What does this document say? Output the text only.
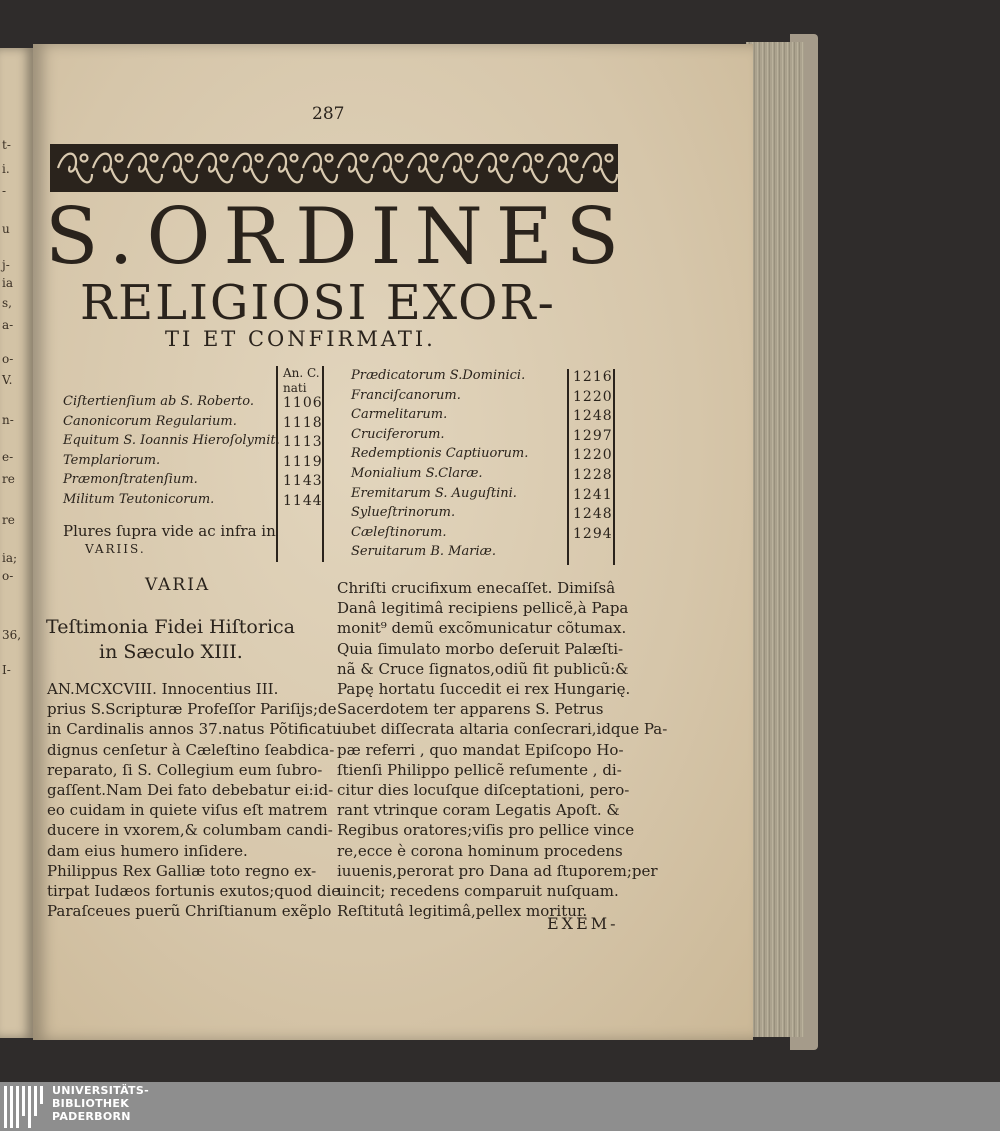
t-
i.
-
u
j-
ia
s,
a-
o-
V.
n-
e-
re
re
ia;
o-
36,
I-
287
S.ORDINES
RELIGIOSI EXOR-
TI ET CONFIRMATI.
An. C.
nati
Ciſtertienſium ab S. Roberto. 1106
Canonicorum Regularium.	1118
Equitum S. Ioannis Hieroſolymit. 1113
Templariorum.	1119
Præmonſtratenſium.	1143
Militum Teutonicorum.	1144
Plures ſupra vide ac infra in
VARIIS.
Prædicatorum S.Dominici.	1216
Franciſcanorum.	1220
Carmelitarum.	1248
Cruciferorum.	1297
Redemptionis Captiuorum.	1220
Monialium S.Claræ.	1228
Eremitarum S. Auguſtini.	1241
Sylueſtrinorum.	1248
Cæleſtinorum.	1294
Seruitarum B. Mariæ.
VARIA
Teſtimonia Fidei Hiſtorica
in Sæculo XIII.
AN.MCXCVIII. Innocentius III.
prius S.Scripturæ Profeſſor Pariſijs;de
in Cardinalis annos 37.natus Põtificatu
dignus cenſetur à Cæleſtino ſeabdica-
reparato, ſi S. Collegium eum ſubro-
gaſſent.Nam Dei fato debebatur ei:id-
eo cuidam in quiete viſus eſt matrem
ducere in vxorem,& columbam candi-
dam eius humero inſidere.
Philippus Rex Galliæ toto regno ex-
tirpat Iudæos fortunis exutos;quod die
Paraſceues puerũ Chriſtianum exẽplo
Chriſti crucifixum enecaſſet. Dimiſsâ
Danâ legitimâ recipiens pellicẽ,à Papa
monit⁹ demũ excõmunicatur cõtumax.
Quia ſimulato morbo deſeruit Palæſti-
nã & Cruce ſignatos,odiũ fit publicũ:&
Papę hortatu ſuccedit ei rex Hungarię.
Sacerdotem ter apparens S. Petrus
iubet diſſecrata altaria conſecrari,idque Pa-
pæ referri , quo mandat Epiſcopo Ho-
ſtienſi Philippo pellicẽ reſumente , di-
citur dies locuſque diſceptationi, pero-
rant vtrinque coram Legatis Apoſt. &
Regibus oratores;viſis pro pellice vince
re,ecce è corona hominum procedens
iuuenis,perorat pro Dana ad ſtuporem;per
uincit; recedens comparuit nuſquam.
Reſtitutâ legitimâ,pellex moritur.
EXEM-
UNIVERSITÄTS-
BIBLIOTHEK
PADERBORN
